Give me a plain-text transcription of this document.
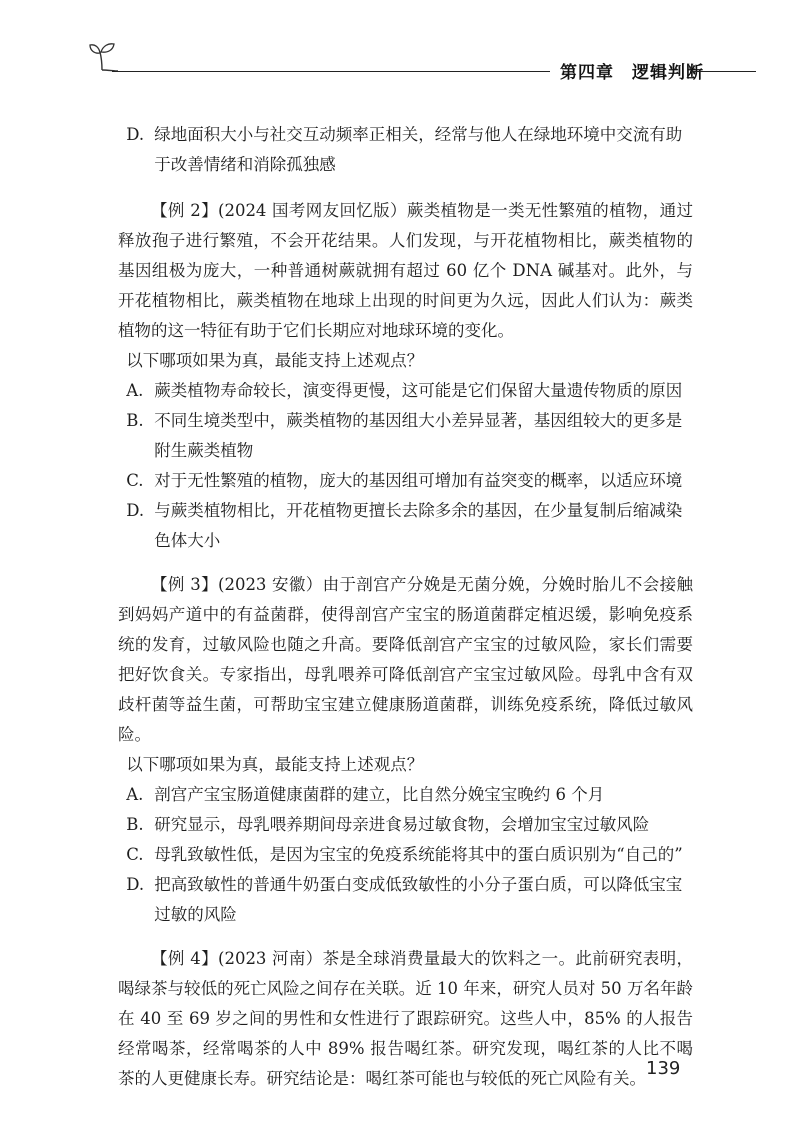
第四章　逻辑判断
D. 绿地面积大小与社交互动频率正相关，经常与他人在绿地环境中交流有助于改善情绪和消除孤独感

【例 2】(2024 国考网友回忆版）蕨类植物是一类无性繁殖的植物，通过释放孢子进行繁殖，不会开花结果。人们发现，与开花植物相比，蕨类植物的基因组极为庞大，一种普通树蕨就拥有超过 60 亿个 DNA 碱基对。此外，与开花植物相比，蕨类植物在地球上出现的时间更为久远，因此人们认为：蕨类植物的这一特征有助于它们长期应对地球环境的变化。

以下哪项如果为真，最能支持上述观点？

A. 蕨类植物寿命较长，演变得更慢，这可能是它们保留大量遗传物质的原因
B. 不同生境类型中，蕨类植物的基因组大小差异显著，基因组较大的更多是附生蕨类植物
C. 对于无性繁殖的植物，庞大的基因组可增加有益突变的概率，以适应环境
D. 与蕨类植物相比，开花植物更擅长去除多余的基因，在少量复制后缩减染色体大小

【例 3】(2023 安徽）由于剖宫产分娩是无菌分娩，分娩时胎儿不会接触到妈妈产道中的有益菌群，使得剖宫产宝宝的肠道菌群定植迟缓，影响免疫系统的发育，过敏风险也随之升高。要降低剖宫产宝宝的过敏风险，家长们需要把好饮食关。专家指出，母乳喂养可降低剖宫产宝宝过敏风险。母乳中含有双歧杆菌等益生菌，可帮助宝宝建立健康肠道菌群，训练免疫系统，降低过敏风险。

以下哪项如果为真，最能支持上述观点？

A. 剖宫产宝宝肠道健康菌群的建立，比自然分娩宝宝晚约 6 个月
B. 研究显示，母乳喂养期间母亲进食易过敏食物，会增加宝宝过敏风险
C. 母乳致敏性低，是因为宝宝的免疫系统能将其中的蛋白质识别为“自己的”
D. 把高致敏性的普通牛奶蛋白变成低致敏性的小分子蛋白质，可以降低宝宝过敏的风险

【例 4】(2023 河南）茶是全球消费量最大的饮料之一。此前研究表明，喝绿茶与较低的死亡风险之间存在关联。近 10 年来，研究人员对 50 万名年龄在 40 至 69 岁之间的男性和女性进行了跟踪研究。这些人中，85% 的人报告经常喝茶，经常喝茶的人中 89% 报告喝红茶。研究发现，喝红茶的人比不喝茶的人更健康长寿。研究结论是：喝红茶可能也与较低的死亡风险有关。 139
